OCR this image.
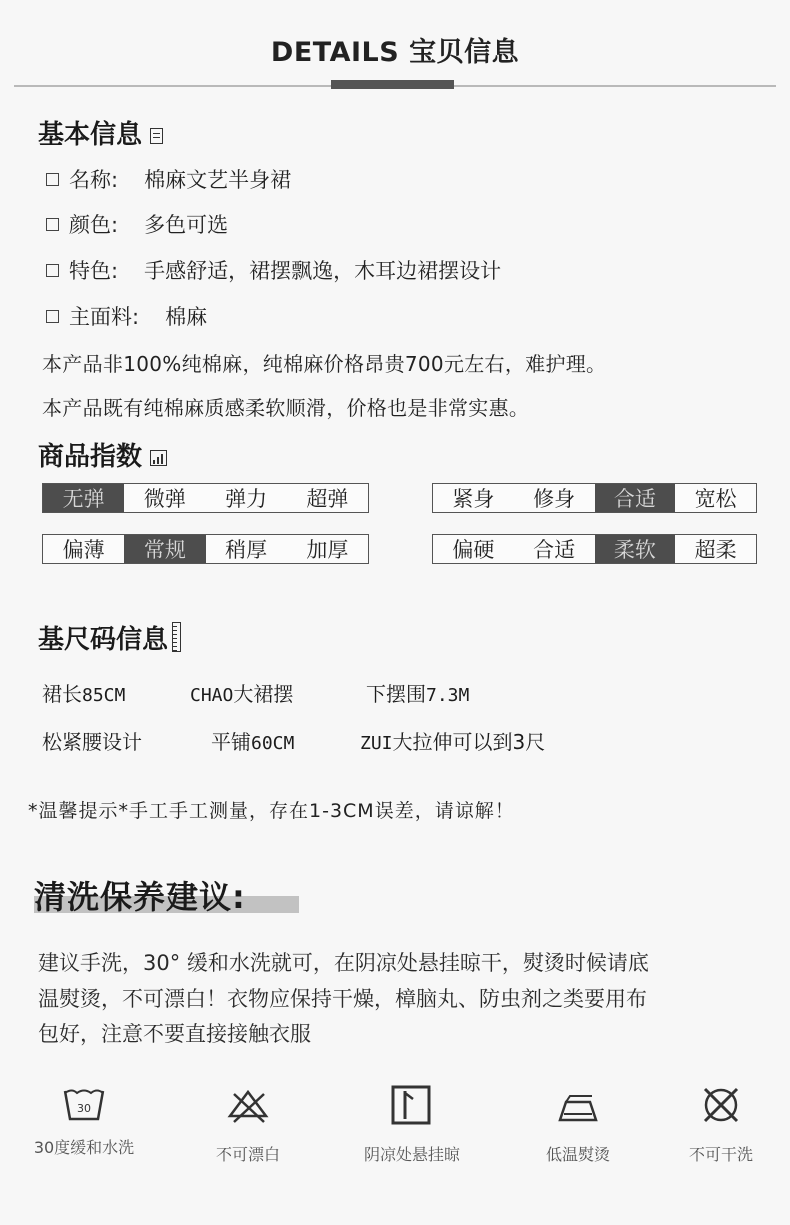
DETAILS 宝贝信息
基本信息
名称: 棉麻文艺半身裙
颜色: 多色可选
特色: 手感舒适，裙摆飘逸，木耳边裙摆设计
主面料: 棉麻
本产品非100%纯棉麻，纯棉麻价格昂贵700元左右，难护理。
本产品既有纯棉麻质感柔软顺滑，价格也是非常实惠。
商品指数
无弹	微弹	弹力	超弹	紧身	修身	合适	宽松
偏薄	常规	稍厚	加厚	偏硬	合适	柔软	超柔
基尺码信息
裙长85CM	CHAO大裙摆	下摆围7.3M
松紧腰设计	平铺60CM	ZUI大拉伸可以到3尺
*温馨提示*手工手工测量，存在1-3CM误差，请谅解！
清洗保养建议:
建议手洗，30° 缓和水洗就可，在阴凉处悬挂晾干，熨烫时候请底
温熨烫，不可漂白！衣物应保持干燥，樟脑丸、防虫剂之类要用布
包好，注意不要直接接触衣服
30
30度缓和水洗	不可漂白	阴凉处悬挂晾	低温熨烫	不可干洗
